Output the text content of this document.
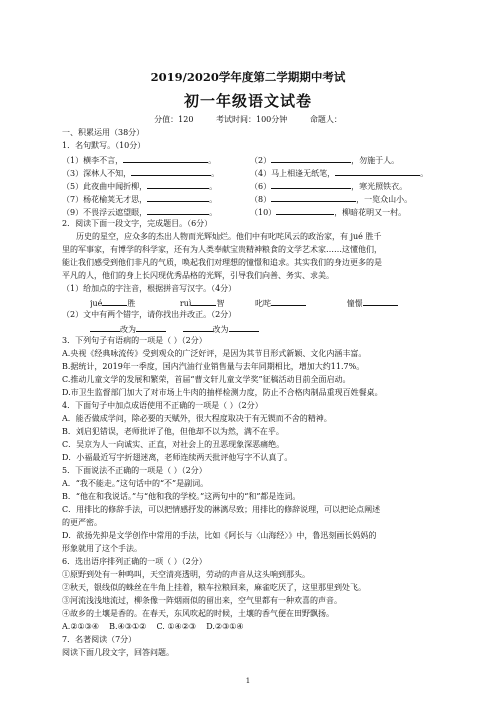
2019/2020学年度第二学期期中考试
初一年级语文试卷
分值：120	考试时间：100分钟	命题人：
一、积累运用（38分）
1．名句默写。（10分）
（1）横李不言，	。	（2）	，勿施于人。
（3）深林人不知，	。	（4）马上相逢无纸笔，	。
（5）此夜曲中闻折柳，	。	（6）	，寒光照铁衣。
（7）杨花榆荚无才思，	。	（8）	，一览众山小。
（9）不畏浮云遮望眼，	。	（10）	，柳暗花明又一村。
2．阅读下面一段文字，完成题目。（6分）
历史的星空，应众多的杰出人物而光辉灿烂。他们中有叱咤风云的政治家，有 jué 胜千
里的军事家，有博学的科学家，还有为人类奉献宝贵精神粮食的文学艺术家……这懂他们，
能让我们感受到他们非凡的气质，唤起我们对理想的憧憬和追求。其实我们的身边更多的是
平凡的人，他们的身上长闪现优秀品格的光辉，引导我们向善、务实、求美。
（1）给加点的字注音，根据拼音写汉字。（4分）
jué	胜	ruì	智	叱咤	憧憬
（2）文中有两个错字，请你找出并改正。（2分）
改为	改为
3．下列句子有语病的一项是（ ）（2分）
A.央视《经典咏流传》受到观众的广泛好评，是因为其节目形式新颖、文化内涵丰富。
B.据统计，2019年一季度，国内汽油行业销售量与去年同期相比，增加大约11.7%。
C.推动儿童文学的发展和繁荣，首届“曹文轩儿童文学奖”征稿活动目前全面启动。
D.市卫生监督部门加大了对市场上牛肉的抽样检测力度，防止不合格肉制品重现百姓餐桌。
4．下面句子中加点成语使用不正确的一项是（ ）（2分）
A．能否做成学问，除必要的天赋外，很大程度取决于有无锲而不舍的精神。
B．刘启犯错误，老师批评了他，但他却不以为然，满不在乎。
C．吴京为人一向诚实、正直，对社会上的丑恶现象深恶痛绝。
D．小福最近写字折翅迷离，老师连续两天批评他写字不认真了。
5．下面说法不正确的一项是（ ）（2分）
A．“我不能走。”这句话中的“不”是副词。
B．“他在和我说话。”与“他和我的学校。”这两句中的“和”都是连词。
C．用排比的修辞手法，可以把情感抒发的淋漓尽致；用排比的修辞说理，可以把论点阐述
的更严密。
D．欲扬先抑是文学创作中常用的手法，比如《阿长与〈山海经〉》中，鲁迅刻画长妈妈的
形象就用了这个手法。
6．选出语序排列正确的一项（ ）（2分）
①原野到处有一种鸣叫，天空清亮透明，劳动的声音从这头响到那头。
②秋天，银线似的蛛丝在牛角上挂着，粮车拉粮回来，麻雀吃厌了，这里那里到处飞。
③河流浅浅地流过，柳条像一阵烟雨似的留出来，空气里都有一种欢喜的声音。
④故乡的土壤是香的。在春天，东风吹起的时候，土壤的香气便在田野飘扬。
A.②①③④    B.④③①②    C. ①④②③    D.②③①④
7．名著阅读（7分）
阅读下面几段文字，回答问题。
1
